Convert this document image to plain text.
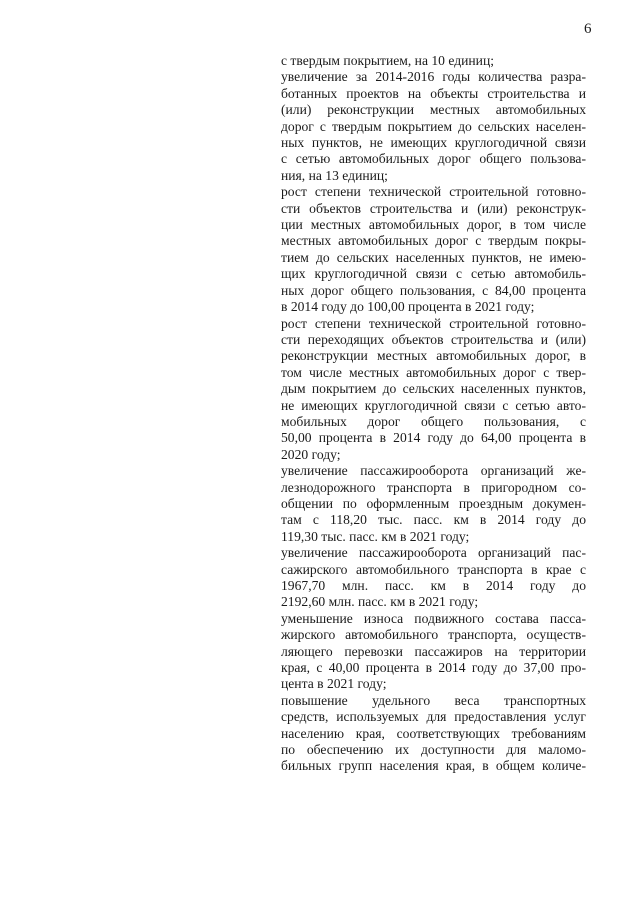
6
с твердым покрытием, на 10 единиц;
увеличение за 2014-2016 годы количества разра-
ботанных проектов на объекты строительства и
(или) реконструкции местных автомобильных
дорог с твердым покрытием до сельских населен-
ных пунктов, не имеющих круглогодичной связи
с сетью автомобильных дорог общего пользова-
ния, на 13 единиц;
рост степени технической строительной готовно-
сти объектов строительства и (или) реконструк-
ции местных автомобильных дорог, в том числе
местных автомобильных дорог с твердым покры-
тием до сельских населенных пунктов, не имею-
щих круглогодичной связи с сетью автомобиль-
ных дорог общего пользования, с 84,00 процента
в 2014 году до 100,00 процента в 2021 году;
рост степени технической строительной готовно-
сти переходящих объектов строительства и (или)
реконструкции местных автомобильных дорог, в
том числе местных автомобильных дорог с твер-
дым покрытием до сельских населенных пунктов,
не имеющих круглогодичной связи с сетью авто-
мобильных дорог общего пользования, с
50,00 процента в 2014 году до 64,00 процента в
2020 году;
увеличение пассажирооборота организаций же-
лезнодорожного транспорта в пригородном со-
общении по оформленным проездным докумен-
там с 118,20 тыс. пасс. км в 2014 году до
119,30 тыс. пасс. км в 2021 году;
увеличение пассажирооборота организаций пас-
сажирского автомобильного транспорта в крае с
1967,70 млн. пасс. км в 2014 году до
2192,60 млн. пасс. км в 2021 году;
уменьшение износа подвижного состава пасса-
жирского автомобильного транспорта, осуществ-
ляющего перевозки пассажиров на территории
края, с 40,00 процента в 2014 году до 37,00 про-
цента в 2021 году;
повышение удельного веса транспортных
средств, используемых для предоставления услуг
населению края, соответствующих требованиям
по обеспечению их доступности для маломо-
бильных групп населения края, в общем количе-
